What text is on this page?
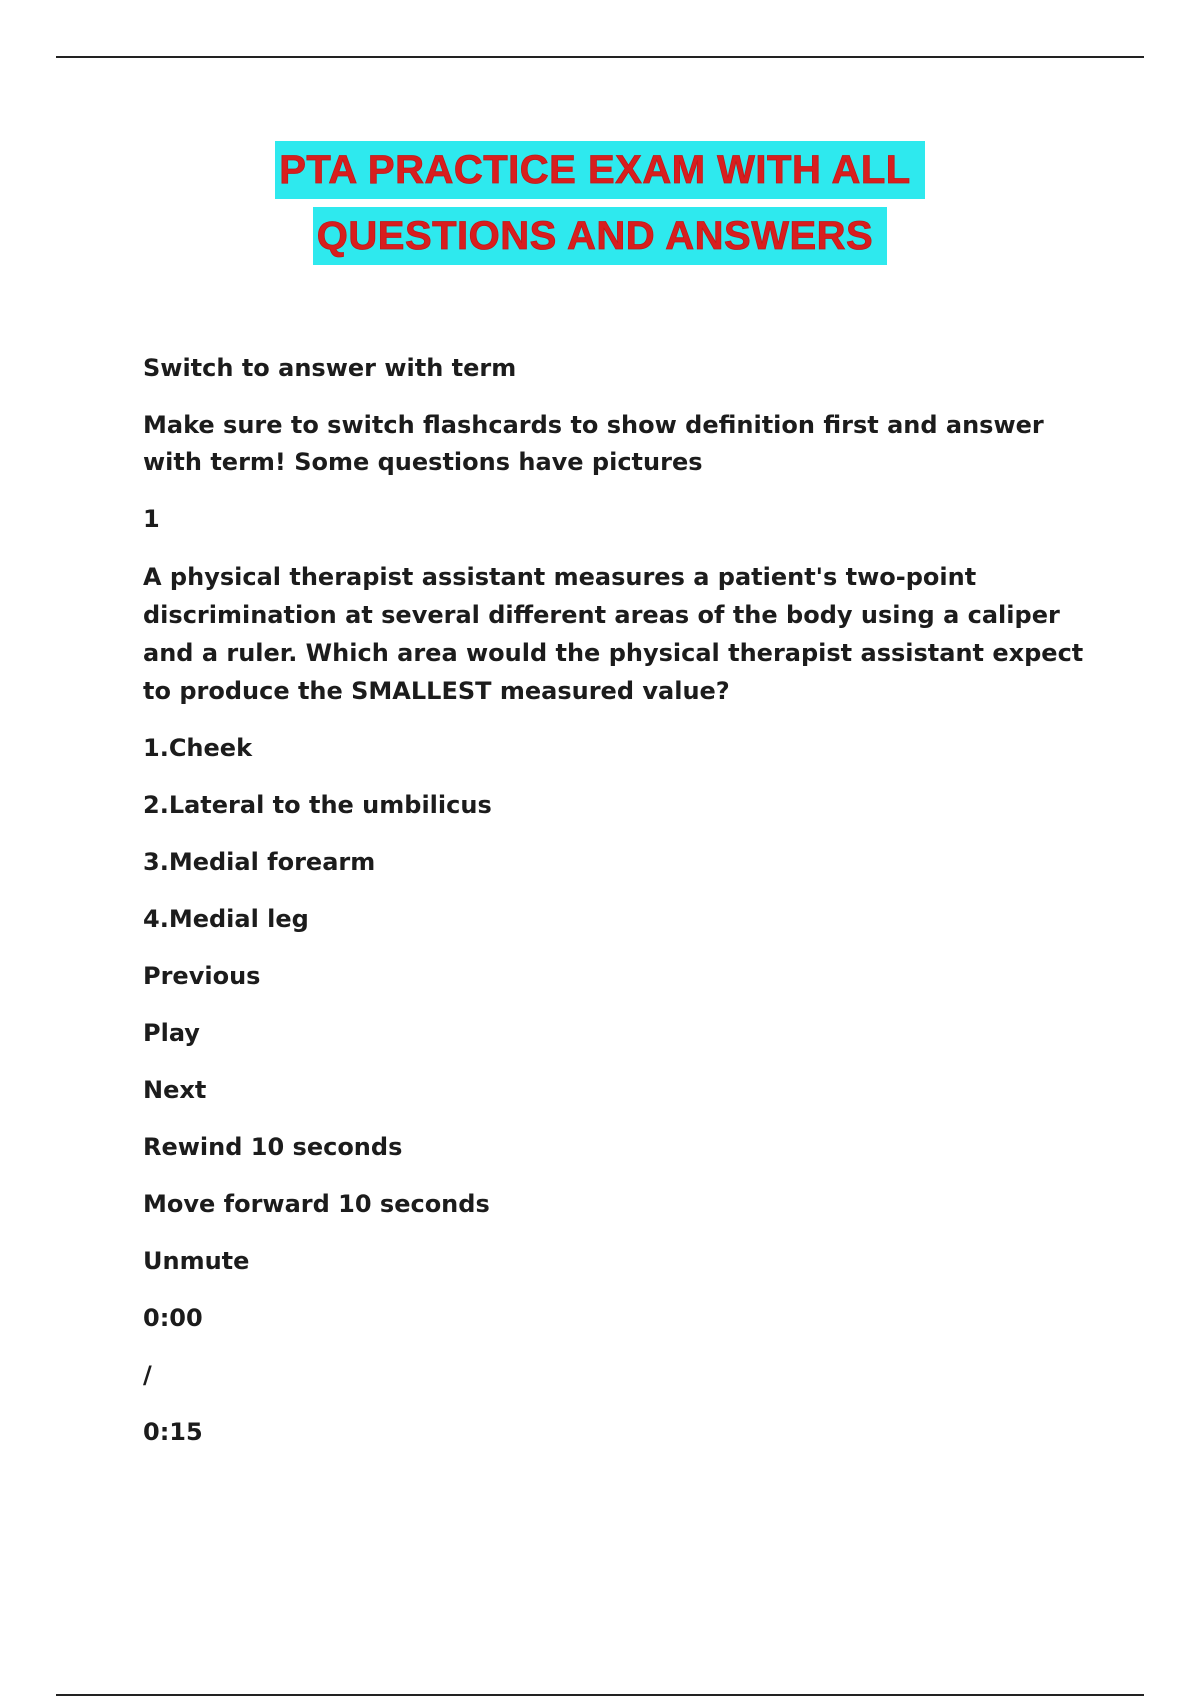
PTA PRACTICE EXAM WITH ALL
QUESTIONS AND ANSWERS

Switch to answer with term

Make sure to switch flashcards to show definition first and answer with term! Some questions have pictures

1

A physical therapist assistant measures a patient's two-point discrimination at several different areas of the body using a caliper and a ruler. Which area would the physical therapist assistant expect to produce the SMALLEST measured value?

1.Cheek

2.Lateral to the umbilicus

3.Medial forearm

4.Medial leg

Previous

Play

Next

Rewind 10 seconds

Move forward 10 seconds

Unmute

0:00

/

0:15
